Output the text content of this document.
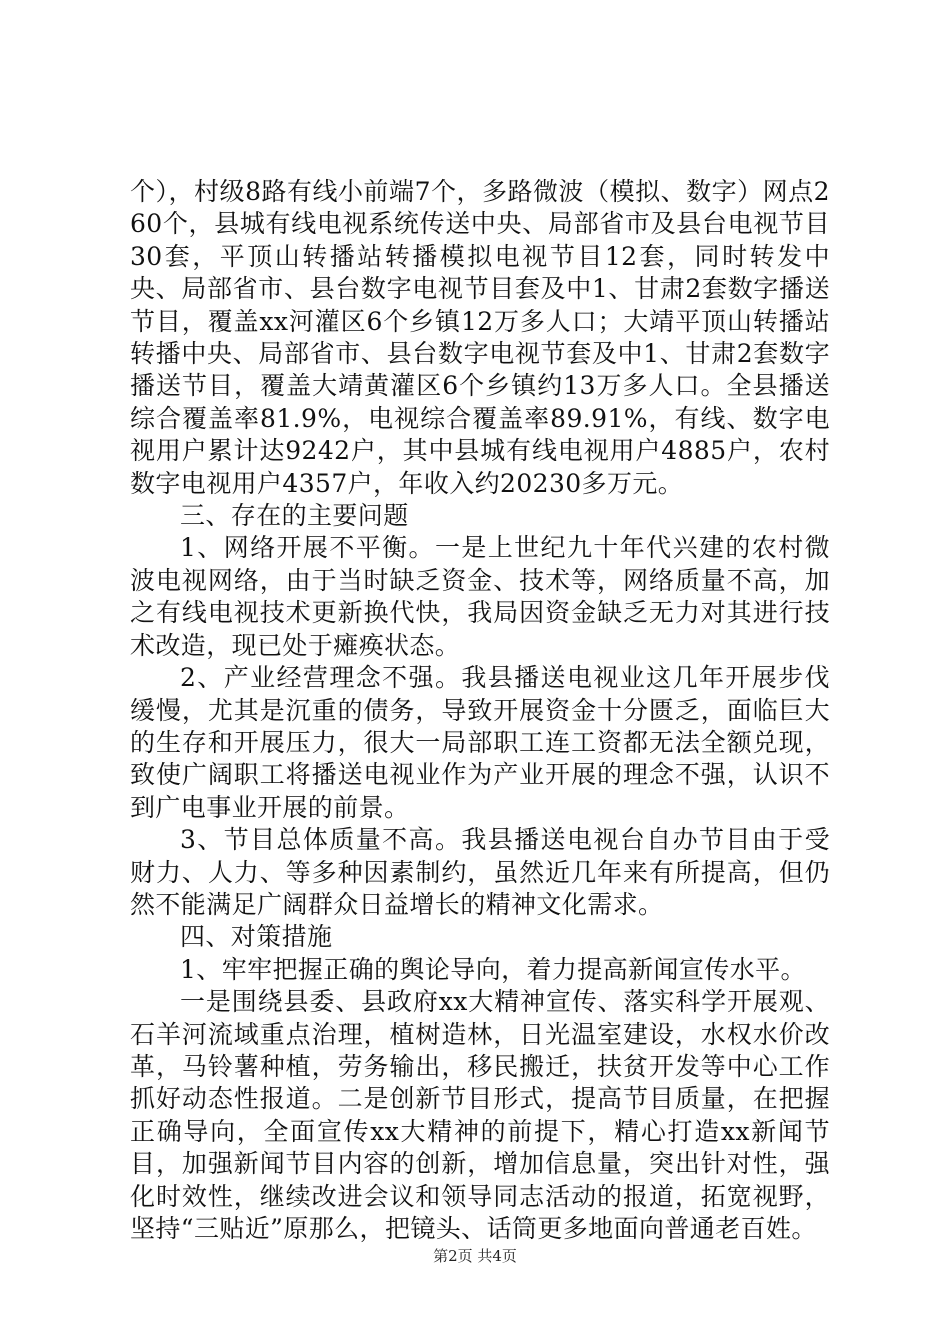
个），村级8路有线小前端7个，多路微波（模拟、数字）网点260个，县城有线电视系统传送中央、局部省市及县台电视节目30套，平顶山转播站转播模拟电视节目12套，同时转发中央、局部省市、县台数字电视节目套及中1、甘肃2套数字播送节目，覆盖xx河灌区6个乡镇12万多人口；大靖平顶山转播站转播中央、局部省市、县台数字电视节套及中1、甘肃2套数字播送节目，覆盖大靖黄灌区6个乡镇约13万多人口。全县播送综合覆盖率81.9%，电视综合覆盖率89.91%，有线、数字电视用户累计达9242户，其中县城有线电视用户4885户，农村数字电视用户4357户，年收入约20230多万元。

三、存在的主要问题

1、网络开展不平衡。一是上世纪九十年代兴建的农村微波电视网络，由于当时缺乏资金、技术等，网络质量不高，加之有线电视技术更新换代快，我局因资金缺乏无力对其进行技术改造，现已处于瘫痪状态。

2、产业经营理念不强。我县播送电视业这几年开展步伐缓慢，尤其是沉重的债务，导致开展资金十分匮乏，面临巨大的生存和开展压力，很大一局部职工连工资都无法全额兑现，致使广阔职工将播送电视业作为产业开展的理念不强，认识不到广电事业开展的前景。

3、节目总体质量不高。我县播送电视台自办节目由于受财力、人力、等多种因素制约，虽然近几年来有所提高，但仍然不能满足广阔群众日益增长的精神文化需求。

四、对策措施

1、牢牢把握正确的舆论导向，着力提高新闻宣传水平。

一是围绕县委、县政府xx大精神宣传、落实科学开展观、石羊河流域重点治理，植树造林，日光温室建设，水权水价改革，马铃薯种植，劳务输出，移民搬迁，扶贫开发等中心工作抓好动态性报道。二是创新节目形式，提高节目质量，在把握正确导向，全面宣传xx大精神的前提下，精心打造xx新闻节目，加强新闻节目内容的创新，增加信息量，突出针对性，强化时效性，继续改进会议和领导同志活动的报道，拓宽视野，坚持“三贴近”原那么，把镜头、话筒更多地面向普通老百姓。

第2页 共4页
